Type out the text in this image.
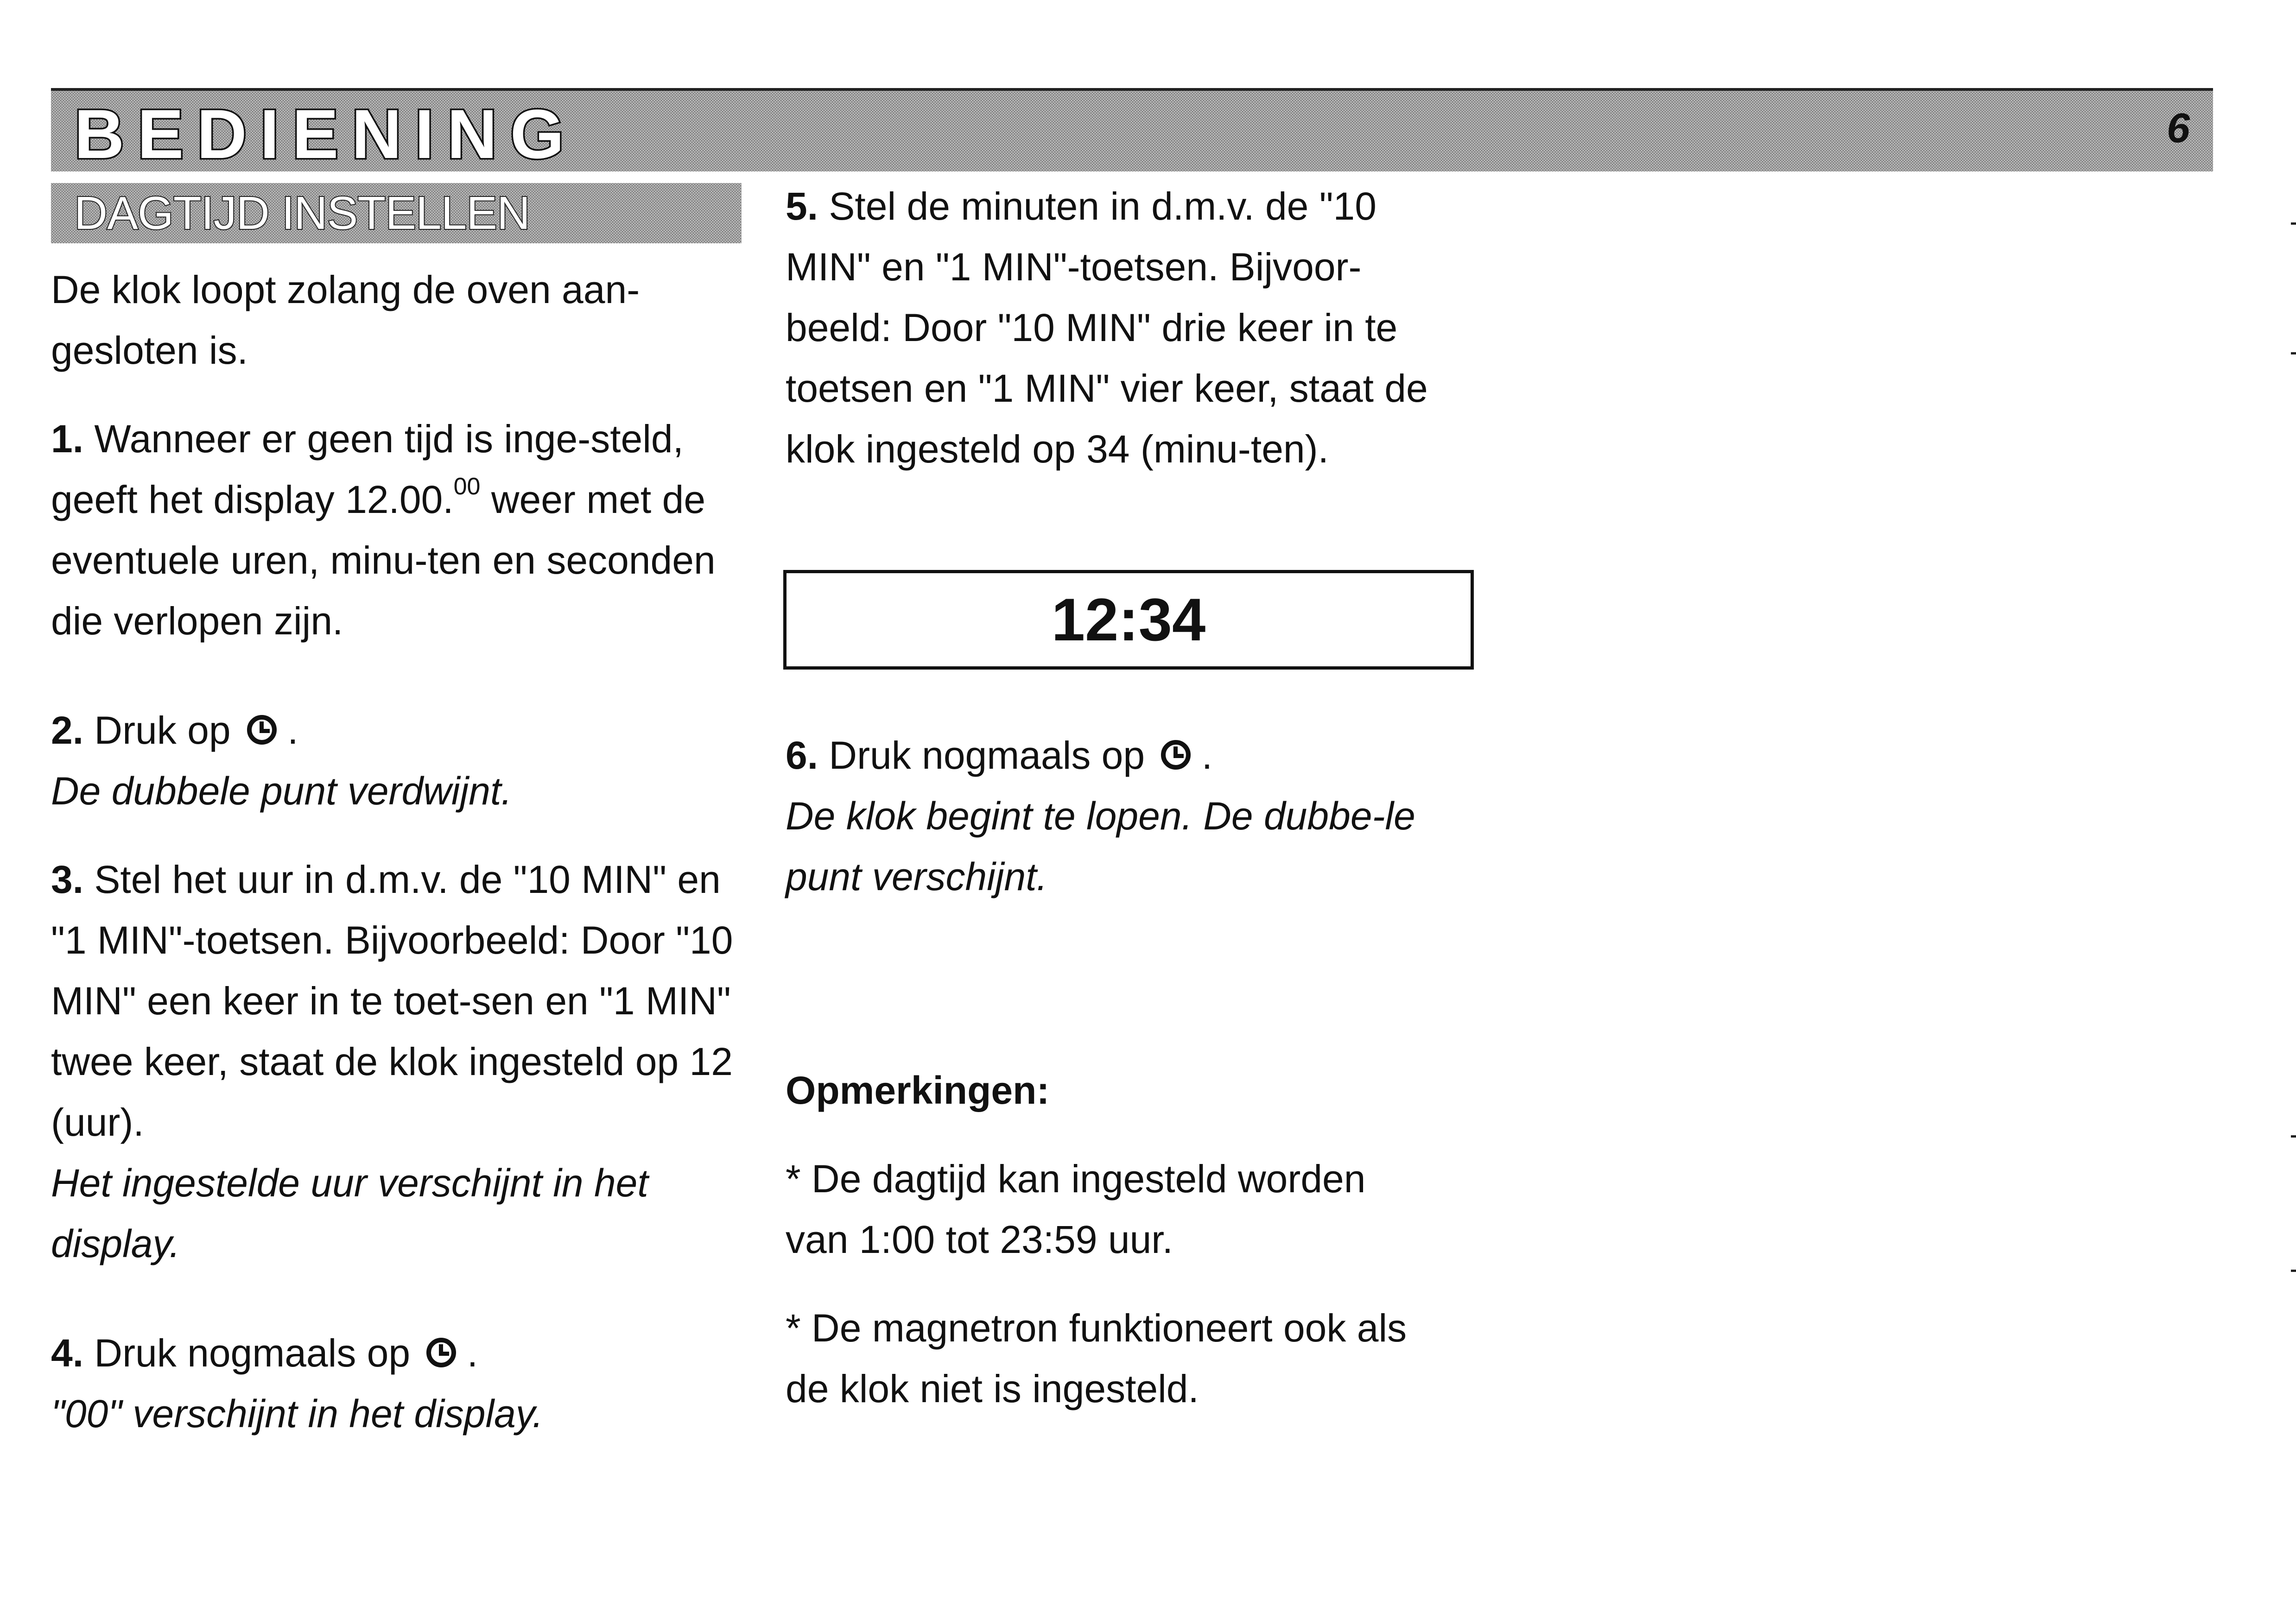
BEDIENING	6
DAGTIJD INSTELLEN

De klok loopt zolang de oven aan-gesloten is.

1. Wanneer er geen tijd is inge-steld, geeft het display 12.00.00 weer met de eventuele uren, minu-ten en seconden die verlopen zijn.

2. Druk op .

De dubbele punt verdwijnt.

3. Stel het uur in d.m.v. de "10 MIN" en "1 MIN"-toetsen. Bijvoorbeeld: Door "10 MIN" een keer in te toet-sen en "1 MIN" twee keer, staat de klok ingesteld op 12 (uur).

Het ingestelde uur verschijnt in het display.

4. Druk nogmaals op .

"00" verschijnt in het display.

5. Stel de minuten in d.m.v. de "10 MIN" en "1 MIN"-toetsen. Bijvoor-beeld: Door "10 MIN" drie keer in te toetsen en "1 MIN" vier keer, staat de klok ingesteld op 34 (minu-ten).

12:34

6. Druk nogmaals op .

De klok begint te lopen. De dubbe-le punt verschijnt.

Opmerkingen:

* De dagtijd kan ingesteld worden van 1:00 tot 23:59 uur.

* De magnetron funktioneert ook als de klok niet is ingesteld.
